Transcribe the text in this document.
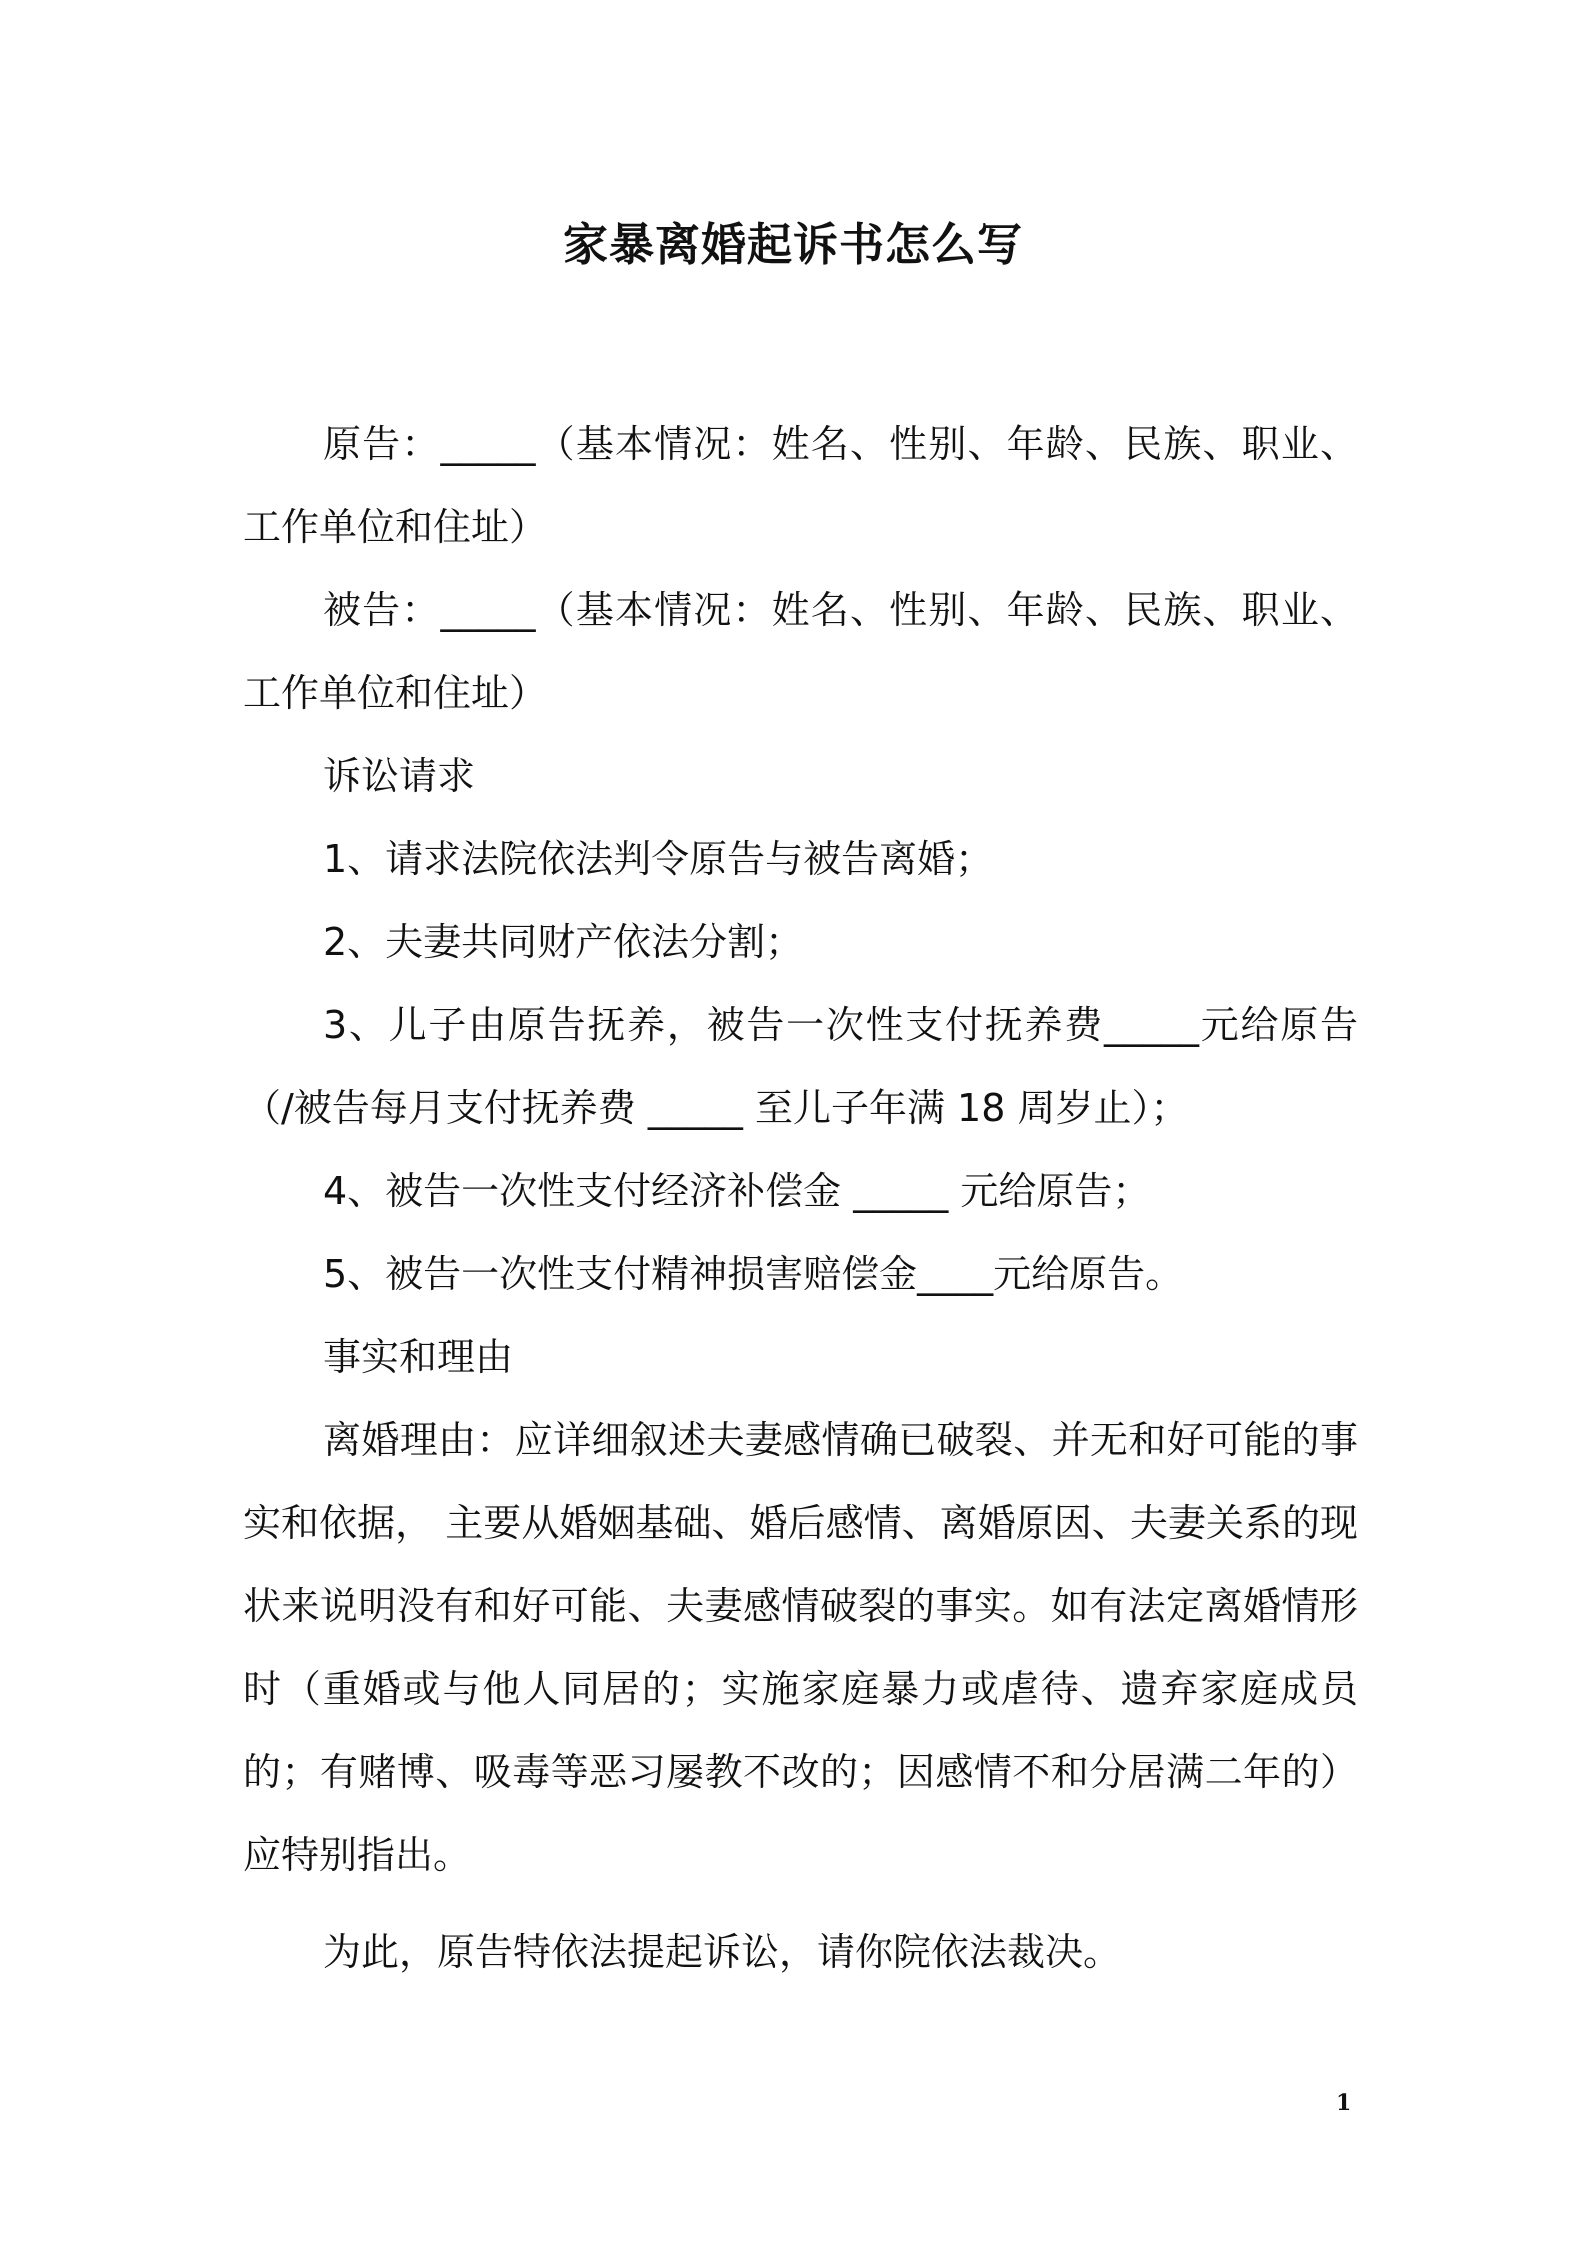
家暴离婚起诉书怎么写

原告：_____（基本情况：姓名、性别、年龄、民族、职业、工作单位和住址）

被告：_____（基本情况：姓名、性别、年龄、民族、职业、工作单位和住址）

诉讼请求

1、请求法院依法判令原告与被告离婚；

2、夫妻共同财产依法分割；

3、儿子由原告抚养，被告一次性支付抚养费_____元给原告（/被告每月支付抚养费 _____ 至儿子年满 18 周岁止）；

4、被告一次性支付经济补偿金 _____ 元给原告；

5、被告一次性支付精神损害赔偿金____元给原告。

事实和理由

离婚理由：应详细叙述夫妻感情确已破裂、并无和好可能的事实和依据， 主要从婚姻基础、婚后感情、离婚原因、夫妻关系的现状来说明没有和好可能、夫妻感情破裂的事实。如有法定离婚情形时（重婚或与他人同居的；实施家庭暴力或虐待、遗弃家庭成员的；有赌博、吸毒等恶习屡教不改的；因感情不和分居满二年的）应特别指出。

为此，原告特依法提起诉讼，请你院依法裁决。

1
